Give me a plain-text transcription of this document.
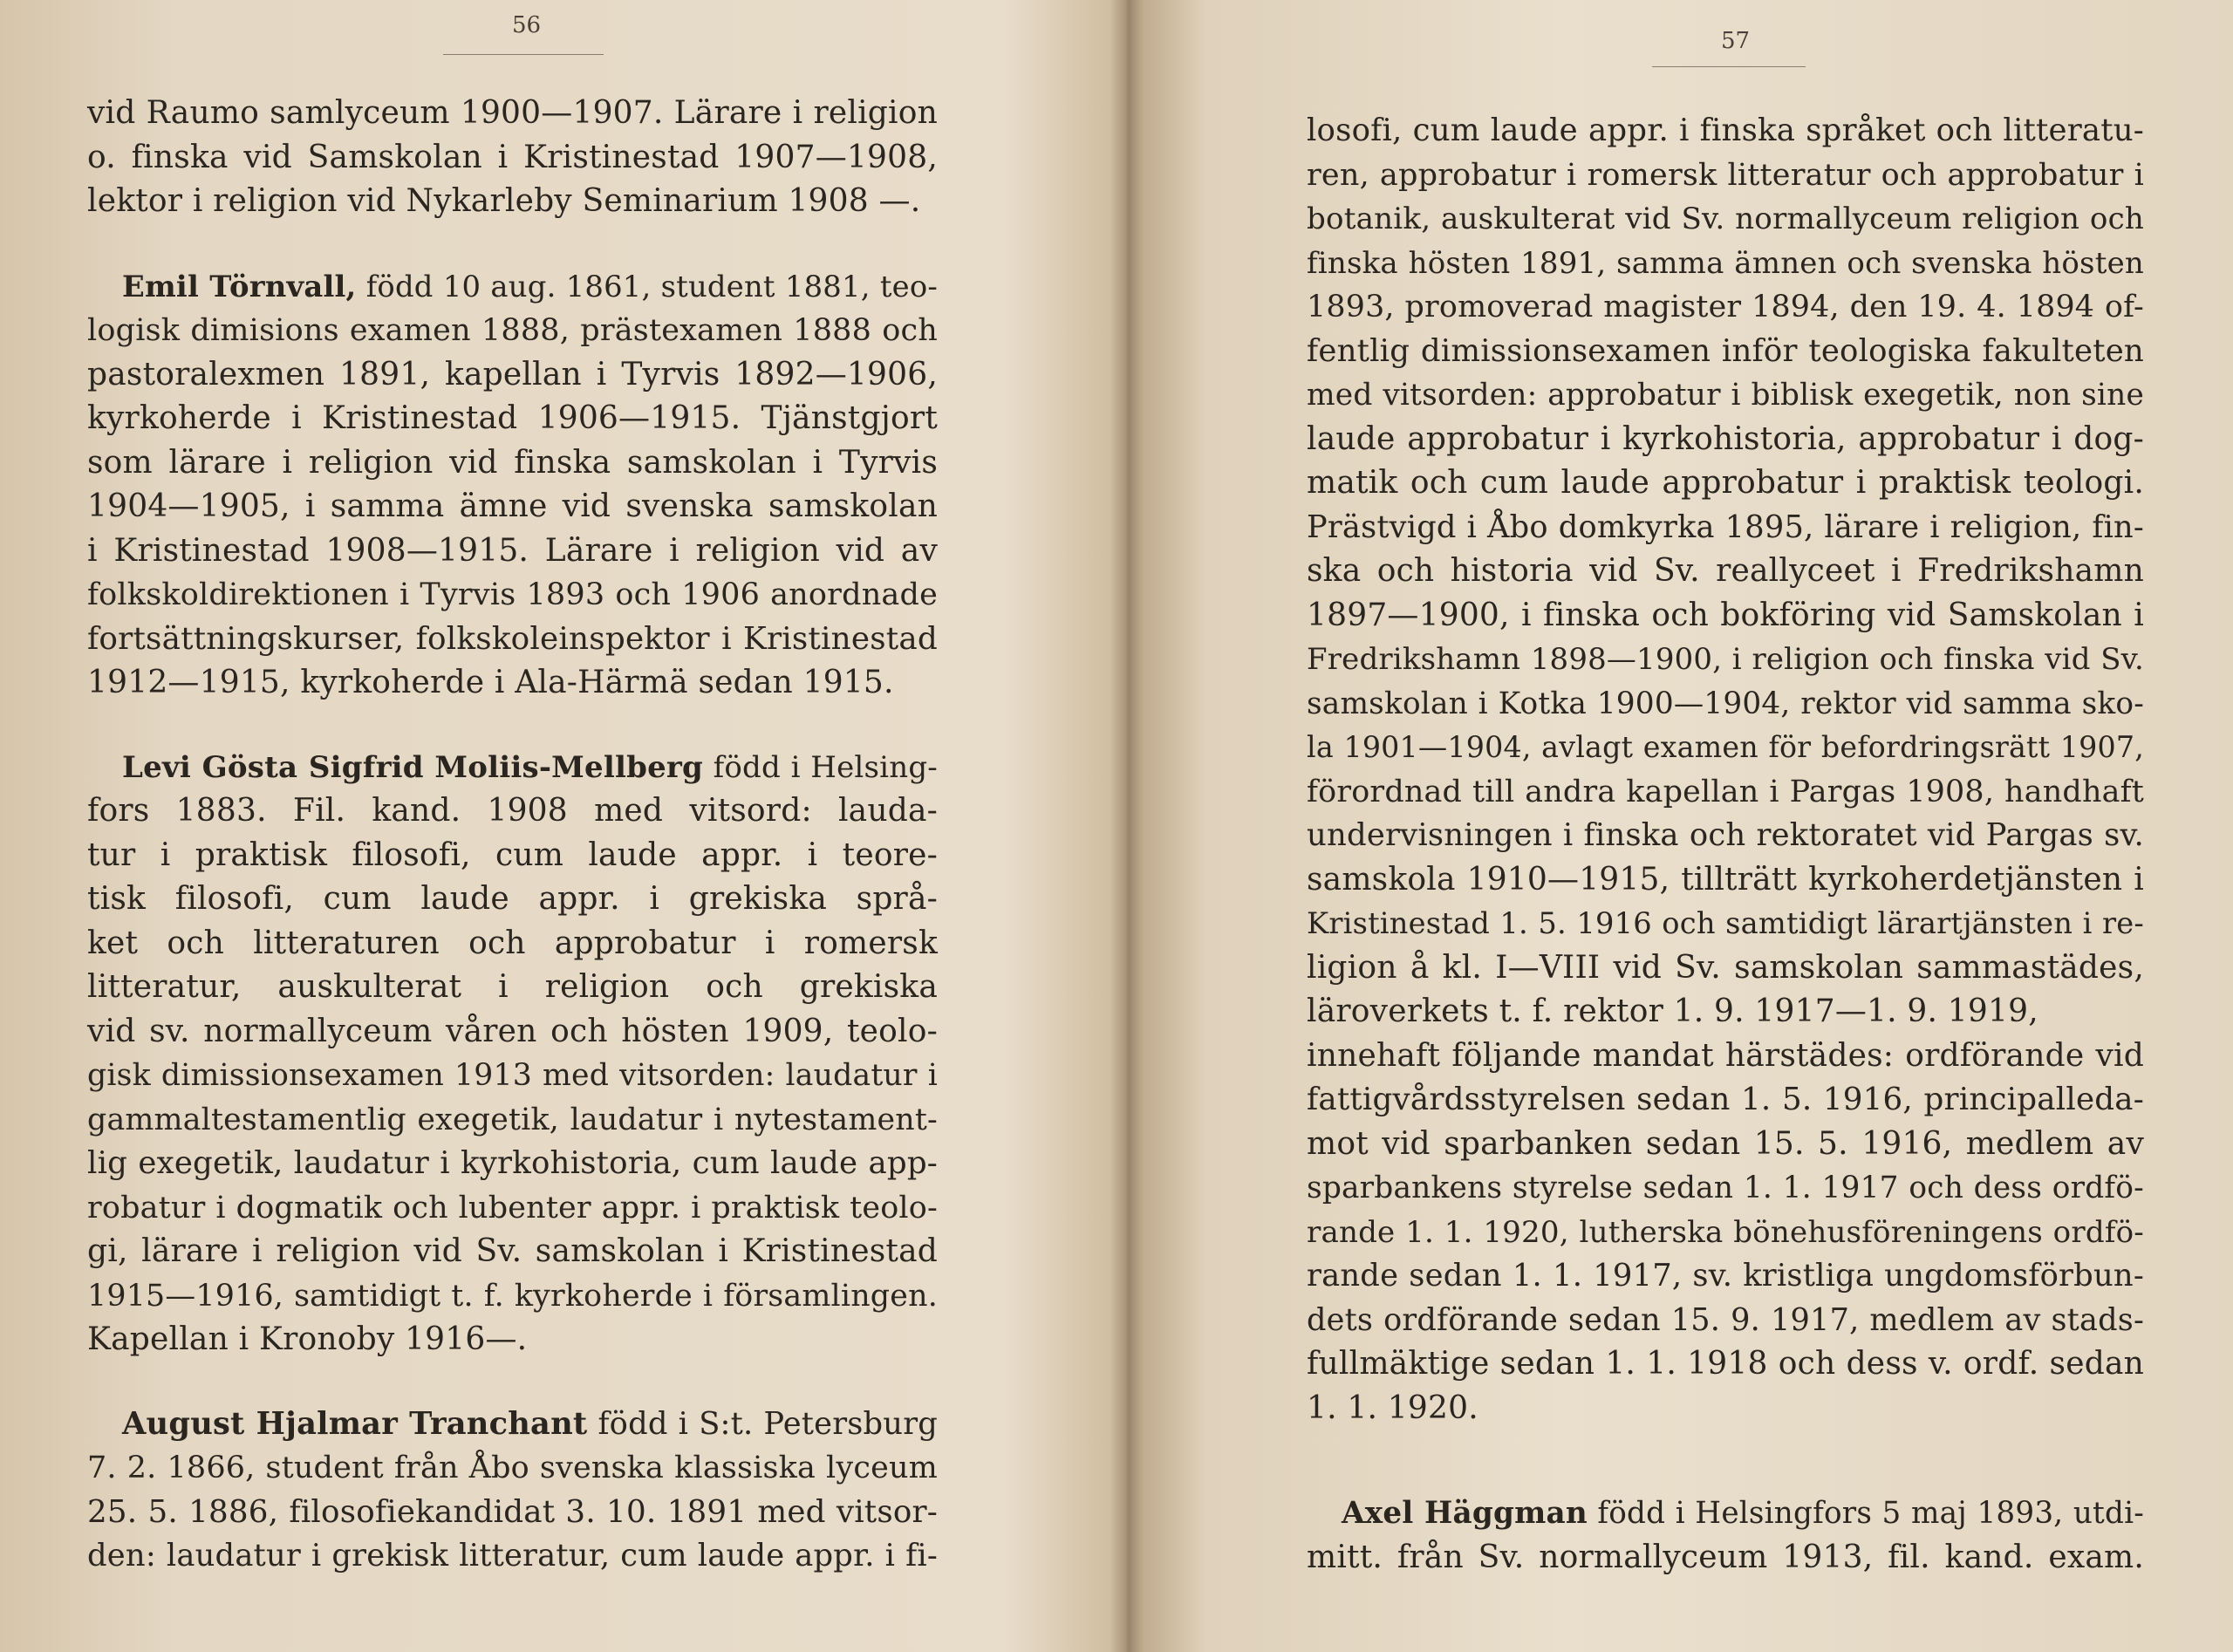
56
vid Raumo samlyceum 1900—1907. Lärare i religion
o. finska vid Samskolan i Kristinestad 1907—1908,
lektor i religion vid Nykarleby Seminarium 1908 —.
Emil Törnvall, född 10 aug. 1861, student 1881, teo-
logisk dimisions examen 1888, prästexamen 1888 och
pastoralexmen 1891, kapellan i Tyrvis 1892—1906,
kyrkoherde i Kristinestad 1906—1915. Tjänstgjort
som lärare i religion vid finska samskolan i Tyrvis
1904—1905, i samma ämne vid svenska samskolan
i Kristinestad 1908—1915. Lärare i religion vid av
folkskoldirektionen i Tyrvis 1893 och 1906 anordnade
fortsättningskurser, folkskoleinspektor i Kristinestad
1912—1915, kyrkoherde i Ala-Härmä sedan 1915.
Levi Gösta Sigfrid Moliis-Mellberg född i Helsing-
fors 1883. Fil. kand. 1908 med vitsord: lauda-
tur i praktisk filosofi, cum laude appr. i teore-
tisk filosofi, cum laude appr. i grekiska språ-
ket och litteraturen och approbatur i romersk
litteratur, auskulterat i religion och grekiska
vid sv. normallyceum våren och hösten 1909, teolo-
gisk dimissionsexamen 1913 med vitsorden: laudatur i
gammaltestamentlig exegetik, laudatur i nytestament-
lig exegetik, laudatur i kyrkohistoria, cum laude app-
robatur i dogmatik och lubenter appr. i praktisk teolo-
gi, lärare i religion vid Sv. samskolan i Kristinestad
1915—1916, samtidigt t. f. kyrkoherde i församlingen.
Kapellan i Kronoby 1916—.
August Hjalmar Tranchant född i S:t. Petersburg
7. 2. 1866, student från Åbo svenska klassiska lyceum
25. 5. 1886, filosofiekandidat 3. 10. 1891 med vitsor-
den: laudatur i grekisk litteratur, cum laude appr. i fi-
57
losofi, cum laude appr. i finska språket och litteratu-
ren, approbatur i romersk litteratur och approbatur i
botanik, auskulterat vid Sv. normallyceum religion och
finska hösten 1891, samma ämnen och svenska hösten
1893, promoverad magister 1894, den 19. 4. 1894 of-
fentlig dimissionsexamen inför teologiska fakulteten
med vitsorden: approbatur i biblisk exegetik, non sine
laude approbatur i kyrkohistoria, approbatur i dog-
matik och cum laude approbatur i praktisk teologi.
Prästvigd i Åbo domkyrka 1895, lärare i religion, fin-
ska och historia vid Sv. reallyceet i Fredrikshamn
1897—1900, i finska och bokföring vid Samskolan i
Fredrikshamn 1898—1900, i religion och finska vid Sv.
samskolan i Kotka 1900—1904, rektor vid samma sko-
la 1901—1904, avlagt examen för befordringsrätt 1907,
förordnad till andra kapellan i Pargas 1908, handhaft
undervisningen i finska och rektoratet vid Pargas sv.
samskola 1910—1915, tillträtt kyrkoherdetjänsten i
Kristinestad 1. 5. 1916 och samtidigt lärartjänsten i re-
ligion å kl. I—VIII vid Sv. samskolan sammastädes,
läroverkets t. f. rektor 1. 9. 1917—1. 9. 1919,
innehaft följande mandat härstädes: ordförande vid
fattigvårdsstyrelsen sedan 1. 5. 1916, principalleda-
mot vid sparbanken sedan 15. 5. 1916, medlem av
sparbankens styrelse sedan 1. 1. 1917 och dess ordfö-
rande 1. 1. 1920, lutherska bönehusföreningens ordfö-
rande sedan 1. 1. 1917, sv. kristliga ungdomsförbun-
dets ordförande sedan 15. 9. 1917, medlem av stads-
fullmäktige sedan 1. 1. 1918 och dess v. ordf. sedan
1. 1. 1920.
Axel Häggman född i Helsingfors 5 maj 1893, utdi-
mitt. från Sv. normallyceum 1913, fil. kand. exam.
